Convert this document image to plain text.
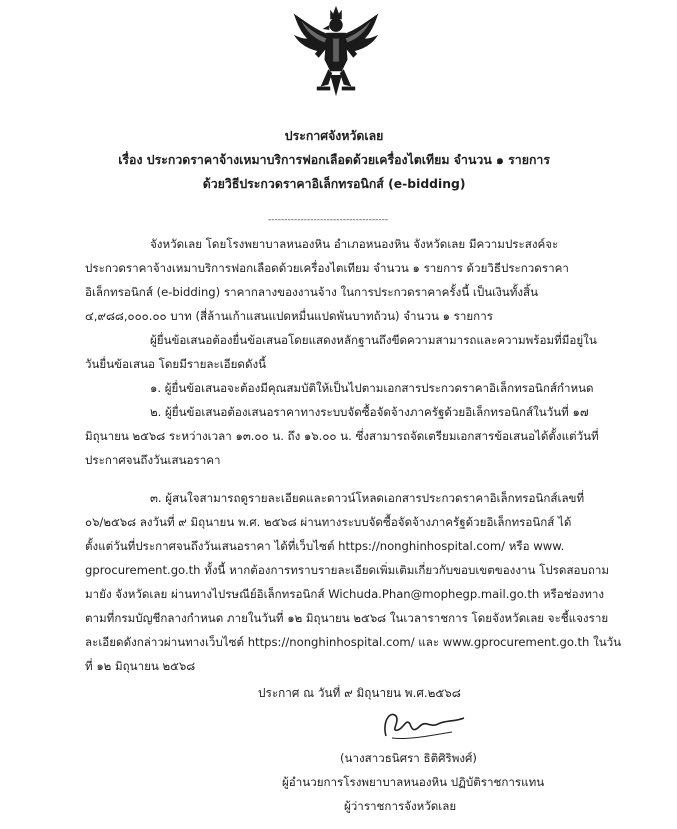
ประกาศจังหวัดเลย
เรื่อง ประกวดราคาจ้างเหมาบริการฟอกเลือดด้วยเครื่องไตเทียม จำนวน ๑ รายการ
ด้วยวิธีประกวดราคาอิเล็กทรอนิกส์ (e-bidding)
-------------------------------------
จังหวัดเลย โดยโรงพยาบาลหนองหิน อำเภอหนองหิน จังหวัดเลย มีความประสงค์จะ
ประกวดราคาจ้างเหมาบริการฟอกเลือดด้วยเครื่องไตเทียม จำนวน ๑ รายการ ด้วยวิธีประกวดราคา
อิเล็กทรอนิกส์ (e-bidding) ราคากลางของงานจ้าง ในการประกวดราคาครั้งนี้ เป็นเงินทั้งสิ้น
๔,๙๘๘,๐๐๐.๐๐ บาท (สี่ล้านเก้าแสนแปดหมื่นแปดพันบาทถ้วน) จำนวน ๑ รายการ
ผู้ยื่นข้อเสนอต้องยื่นข้อเสนอโดยแสดงหลักฐานถึงขีดความสามารถและความพร้อมที่มีอยู่ใน
วันยื่นข้อเสนอ โดยมีรายละเอียดดังนี้
๑. ผู้ยื่นข้อเสนอจะต้องมีคุณสมบัติให้เป็นไปตามเอกสารประกวดราคาอิเล็กทรอนิกส์กำหนด
๒. ผู้ยื่นข้อเสนอต้องเสนอราคาทางระบบจัดซื้อจัดจ้างภาครัฐด้วยอิเล็กทรอนิกส์ในวันที่ ๑๗
มิถุนายน ๒๕๖๘ ระหว่างเวลา ๑๓.๐๐ น. ถึง ๑๖.๐๐ น. ซึ่งสามารถจัดเตรียมเอกสารข้อเสนอได้ตั้งแต่วันที่
ประกาศจนถึงวันเสนอราคา
๓. ผู้สนใจสามารถดูรายละเอียดและดาวน์โหลดเอกสารประกวดราคาอิเล็กทรอนิกส์เลขที่
๐๖/๒๕๖๘ ลงวันที่ ๙ มิถุนายน พ.ศ. ๒๕๖๘ ผ่านทางระบบจัดซื้อจัดจ้างภาครัฐด้วยอิเล็กทรอนิกส์ ได้
ตั้งแต่วันที่ประกาศจนถึงวันเสนอราคา ได้ที่เว็บไซต์ https://nonghinhospital.com/ หรือ www.
gprocurement.go.th ทั้งนี้ หากต้องการทราบรายละเอียดเพิ่มเติมเกี่ยวกับขอบเขตของงาน โปรดสอบถาม
มายัง จังหวัดเลย ผ่านทางไปรษณีย์อิเล็กทรอนิกส์ Wichuda.Phan@mophegp.mail.go.th หรือช่องทาง
ตามที่กรมบัญชีกลางกำหนด ภายในวันที่ ๑๒ มิถุนายน ๒๕๖๘ ในเวลาราชการ โดยจังหวัดเลย จะชี้แจงราย
ละเอียดดังกล่าวผ่านทางเว็บไซต์ https://nonghinhospital.com/ และ www.gprocurement.go.th ในวัน
ที่ ๑๒ มิถุนายน ๒๕๖๘
ประกาศ ณ วันที่ ๙ มิถุนายน พ.ศ.๒๕๖๘
(นางสาวธนิศรา ธิติศิริพงศ์)
ผู้อำนวยการโรงพยาบาลหนองหิน ปฏิบัติราชการแทน
ผู้ว่าราชการจังหวัดเลย
